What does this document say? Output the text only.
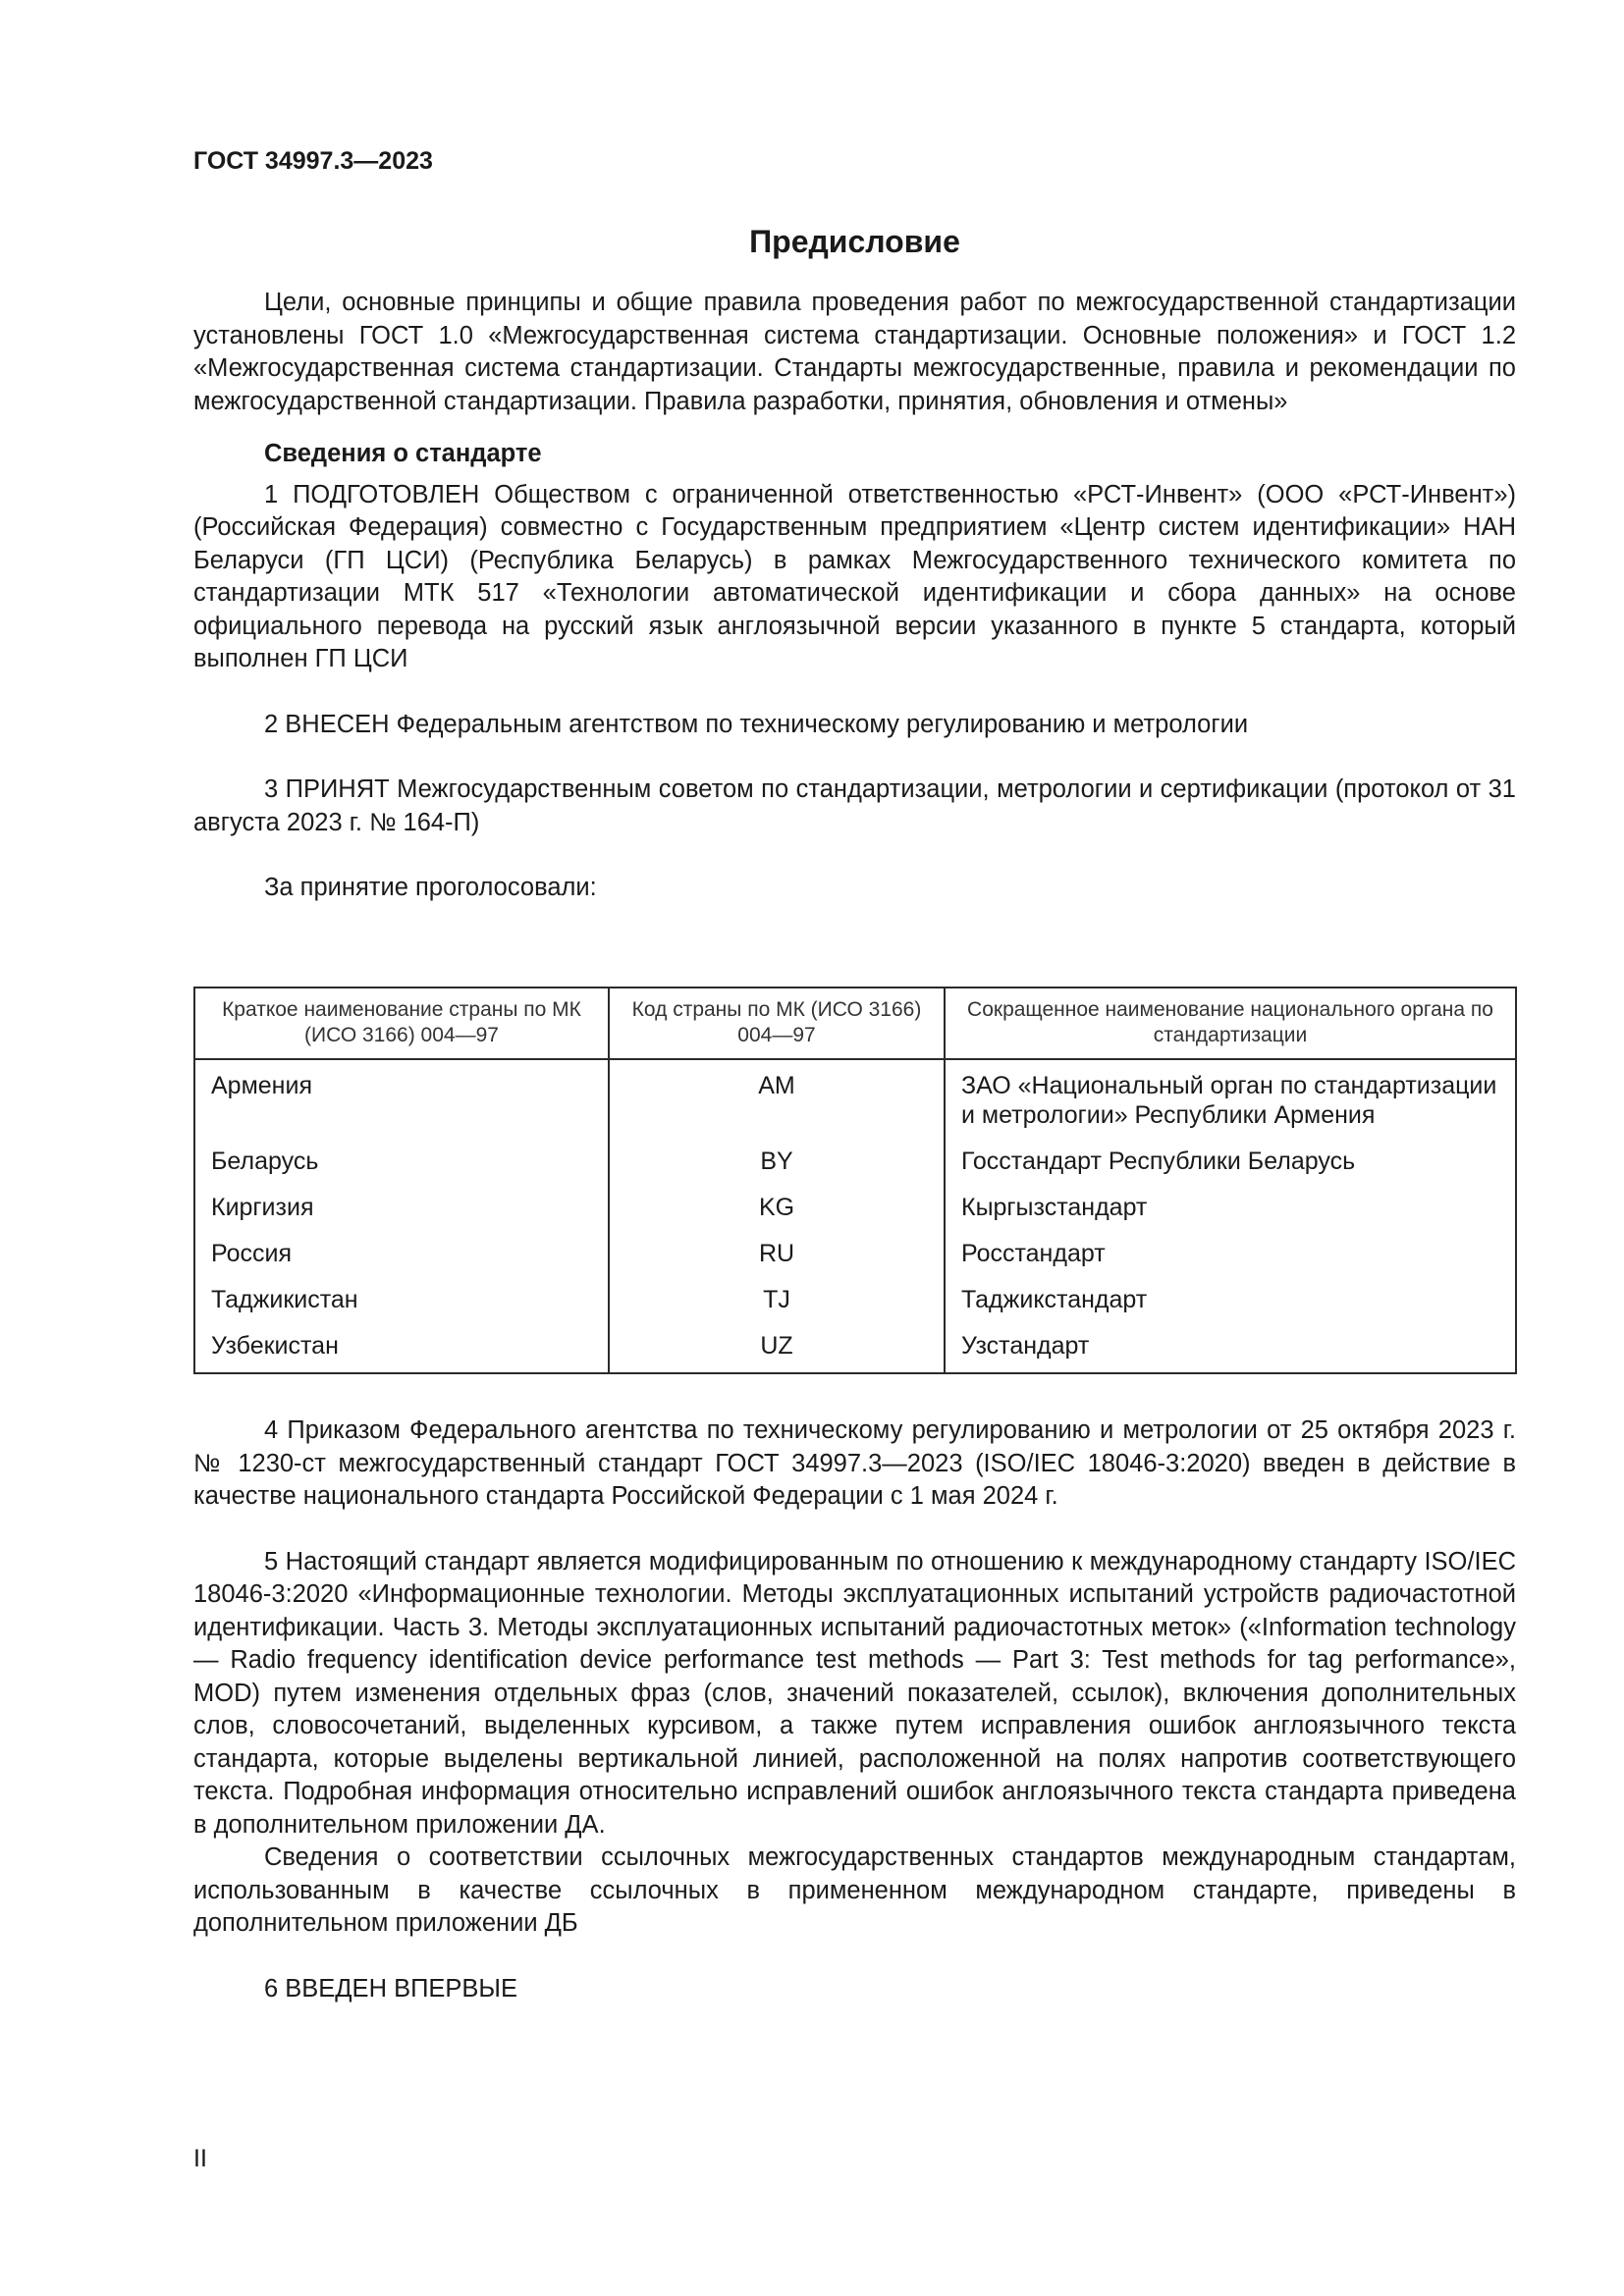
ГОСТ 34997.3—2023
Предисловие

Цели, основные принципы и общие правила проведения работ по межгосударственной стандартизации установлены ГОСТ 1.0 «Межгосударственная система стандартизации. Основные положения» и ГОСТ 1.2 «Межгосударственная система стандартизации. Стандарты межгосударственные, правила и рекомендации по межгосударственной стандартизации. Правила разработки, принятия, обновления и отмены»

Сведения о стандарте

1 ПОДГОТОВЛЕН Обществом с ограниченной ответственностью «РСТ-Инвент» (ООО «РСТ-Инвент») (Российская Федерация) совместно с Государственным предприятием «Центр систем идентификации» НАН Беларуси (ГП ЦСИ) (Республика Беларусь) в рамках Межгосударственного технического комитета по стандартизации МТК 517 «Технологии автоматической идентификации и сбора данных» на основе официального перевода на русский язык англоязычной версии указанного в пункте 5 стандарта, который выполнен ГП ЦСИ

2 ВНЕСЕН Федеральным агентством по техническому регулированию и метрологии

3 ПРИНЯТ Межгосударственным советом по стандартизации, метрологии и сертификации (протокол от 31 августа 2023 г. № 164-П)

За принятие проголосовали:

Краткое наименование страны по МК (ИСО 3166) 004—97	Код страны по МК (ИСО 3166) 004—97	Сокращенное наименование национального органа по стандартизации
Армения	AM	ЗАО «Национальный орган по стандартизации и метрологии» Республики Армения
Беларусь	BY	Госстандарт Республики Беларусь
Киргизия	KG	Кыргызстандарт
Россия	RU	Росстандарт
Таджикистан	TJ	Таджикстандарт
Узбекистан	UZ	Узстандарт

4 Приказом Федерального агентства по техническому регулированию и метрологии от 25 октября 2023 г. № 1230-ст межгосударственный стандарт ГОСТ 34997.3—2023 (ISO/IEC 18046-3:2020) введен в действие в качестве национального стандарта Российской Федерации с 1 мая 2024 г.

5 Настоящий стандарт является модифицированным по отношению к международному стандарту ISO/IEC 18046-3:2020 «Информационные технологии. Методы эксплуатационных испытаний устройств радиочастотной идентификации. Часть 3. Методы эксплуатационных испытаний радиочастотных меток» («Information technology — Radio frequency identification device performance test methods — Part 3: Test methods for tag performance», MOD) путем изменения отдельных фраз (слов, значений показателей, ссылок), включения дополнительных слов, словосочетаний, выделенных курсивом, а также путем исправления ошибок англоязычного текста стандарта, которые выделены вертикальной линией, расположенной на полях напротив соответствующего текста. Подробная информация относительно исправлений ошибок англоязычного текста стандарта приведена в дополнительном приложении ДА.

Сведения о соответствии ссылочных межгосударственных стандартов международным стандартам, использованным в качестве ссылочных в примененном международном стандарте, приведены в дополнительном приложении ДБ

6 ВВЕДЕН ВПЕРВЫЕ

II
